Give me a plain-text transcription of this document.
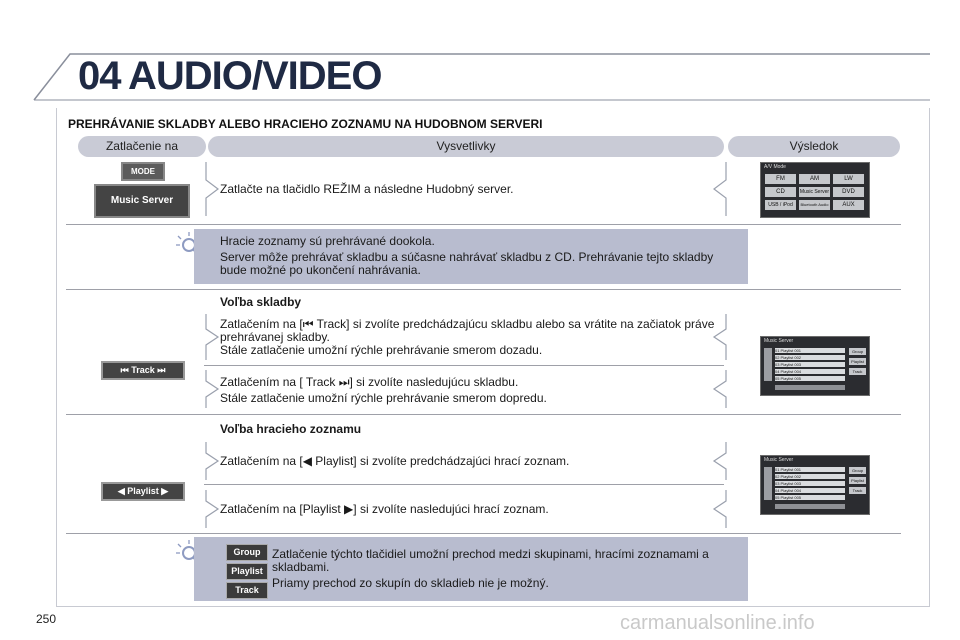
04 AUDIO/VIDEO
PREHRÁVANIE SKLADBY ALEBO HRACIEHO ZOZNAMU NA HUDOBNOM SERVERI
Zatlačenie na	Vysvetlivky	Výsledok
MODE
Music Server
Zatlačte na tlačidlo REŽIM a následne Hudobný server.
A/V Mode
FM	AM	LW
CD	Music Server	DVD
USB / iPod	Bluetooth Audio	AUX
Hracie zoznamy sú prehrávané dookola.
Server môže prehrávať skladbu a súčasne nahrávať skladbu z CD. Prehrávanie tejto skladby bude možné po ukončení nahrávania.
Voľba skladby
⏮ Track ⏭
Zatlačením na [⏮ Track] si zvolíte predchádzajúcu skladbu alebo sa vrátite na začiatok práve prehrávanej skladby.
Stále zatlačenie umožní rýchle prehrávanie smerom dozadu.
Zatlačením na [ Track ⏭] si zvolíte nasledujúcu skladbu.
Stále zatlačenie umožní rýchle prehrávanie smerom dopredu.
Music Server
01 Playlist 001
02 Playlist 002
03 Playlist 003
04 Playlist 004
05 Playlist 005
Group
Playlist
Track
Voľba hracieho zoznamu
◀ Playlist ▶
Zatlačením na [◀ Playlist] si zvolíte predchádzajúci hrací zoznam.
Zatlačením na [Playlist ▶] si zvolíte nasledujúci hrací zoznam.
Music Server
01 Playlist 001
02 Playlist 002
03 Playlist 003
04 Playlist 004
05 Playlist 005
Group
Playlist
Track
Group
Playlist
Track
Zatlačenie týchto tlačidiel umožní prechod medzi skupinami, hracími zoznamami a skladbami.
Priamy prechod zo skupín do skladieb nie je možný.
250	carmanualsonline.info
